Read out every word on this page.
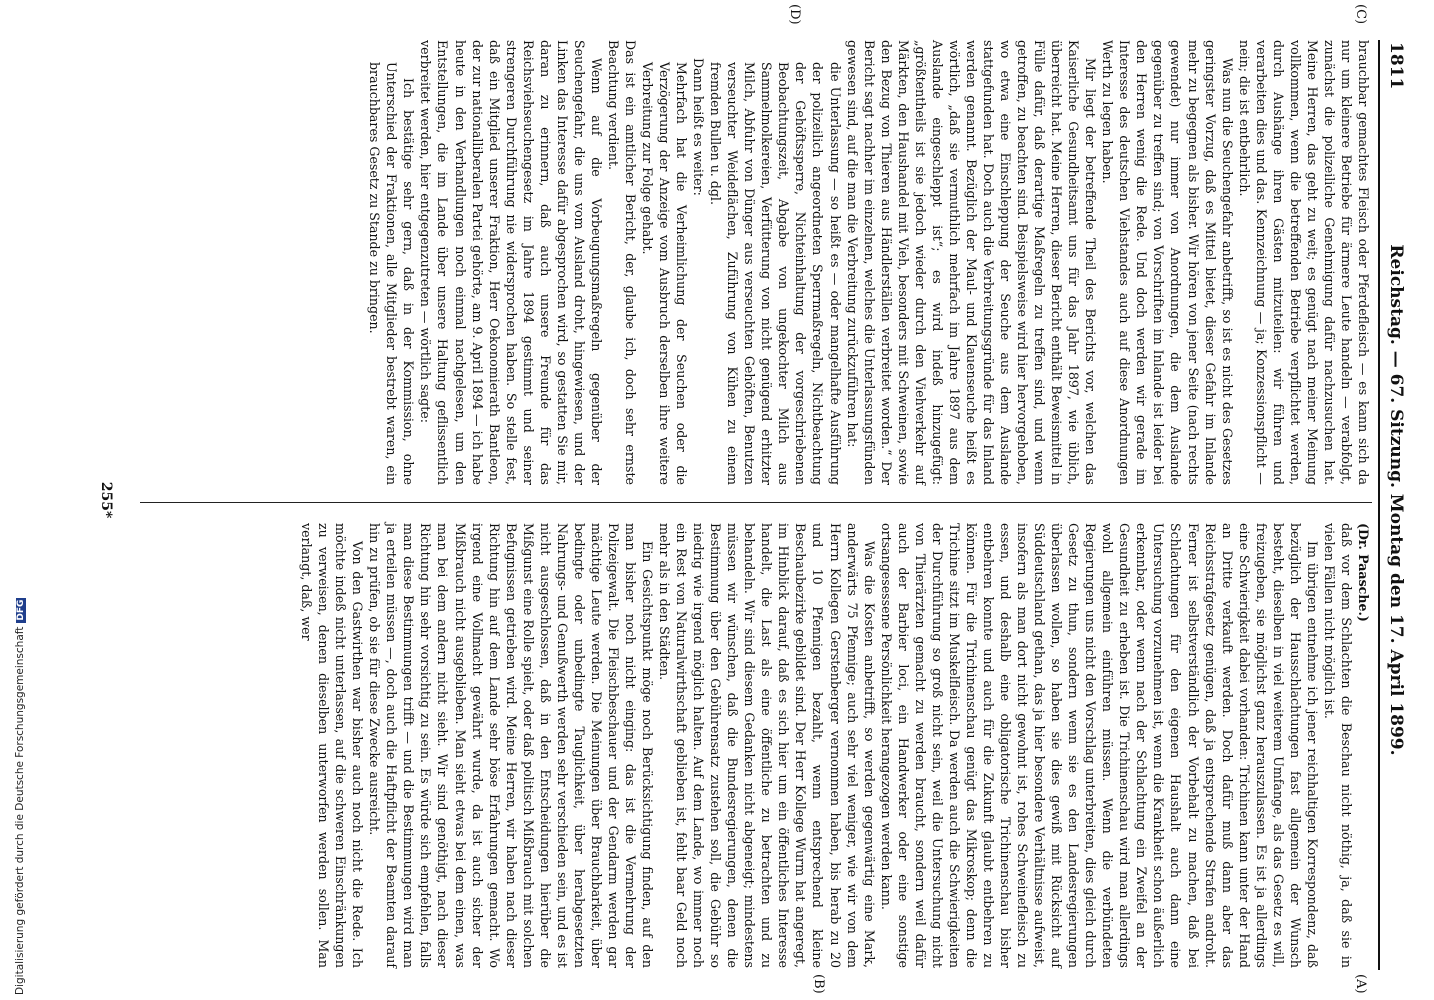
Reichstag. — 67. Sitzung. Montag den 17. April 1899.
1811
(C)
(D)
(A)
(B)

brauchbar gemachtes Fleisch oder Pferdefleisch — es kann sich da nur um kleinere Betriebe für ärmere Leute handeln — verabfolgt, zunächst die polizeiliche Genehmigung dafür nachzusuchen hat. Meine Herren, das geht zu weit; es genügt nach meiner Meinung vollkommen, wenn die betreffenden Betriebe verpflichtet werden, durch Aushänge ihren Gästen mitzuteilen: wir führen und verarbeiten dies und das. Kennzeichnung — ja; Konzessionspflicht — nein; die ist entbehrlich.

Was nun die Seuchengefahr anbetrifft, so ist es nicht des Gesetzes geringster Vorzug, daß es Mittel bietet, dieser Gefahr im Inlande mehr zu begegnen als bisher. Wir hören von jener Seite (nach rechts gewendet) nur immer von Anordnungen, die dem Auslande gegenüber zu treffen sind; von Vorschriften im Inlande ist leider bei den Herren wenig die Rede. Und doch werden wir gerade im Interesse des deutschen Viehstandes auch auf diese Anordnungen Werth zu legen haben.

Mir liegt der betreffende Theil des Berichts vor, welchen das Kaiserliche Gesundheitsamt uns für das Jahr 1897, wie üblich, überreicht hat. Meine Herren, dieser Bericht enthält Beweismittel in Fülle dafür, daß derartige Maßregeln zu treffen sind, und wenn getroffen, zu beachten sind. Beispielsweise wird hier hervorgehoben, wo etwa eine Einschleppung der Seuche aus dem Auslande stattgefunden hat. Doch auch die Verbreitungsgründe für das Inland werden genannt. Bezüglich der Maul- und Klauenseuche heißt es wörtlich, „daß sie vermuthlich mehrfach im Jahre 1897 aus dem Auslande eingeschleppt ist“; es wird indeß hinzugefügt: „größtentheils ist sie jedoch wieder durch den Viehverkehr auf Märkten, den Haushandel mit Vieh, besonders mit Schweinen, sowie den Bezug von Thieren aus Händlerställen verbreitet worden.“ Der Bericht sagt nachher im einzelnen, welches die Unterlassungsfünden gewesen sind, auf die man die Verbreitung zurückzuführen hat:

die Unterlassung — so heißt es — oder mangelhafte Ausführung der polizeilich angeordneten Sperrmaßregeln, Nichtbeachtung der Gehöftssperre, Nichteinhaltung der vorgeschriebenen Beobachtungszeit, Abgabe von ungekochter Milch aus Sammelmolkereien, Verfütterung von nicht genügend erhitzter Milch, Abfuhr von Dünger aus verseuchten Gehöften, Benutzen verseuchter Weideflächen, Zuführung von Kühen zu einem fremden Bullen u. dgl.

Dann heißt es weiter:

Mehrfach hat die Verheimlichung der Seuchen oder die Verzögerung der Anzeige vom Ausbruch derselben ihre weitere Verbreitung zur Folge gehabt.

Das ist ein amtlicher Bericht, der, glaube ich, doch sehr ernste Beachtung verdient.

Wenn auf die Vorbeugungsmaßregeln gegenüber der Seuchengefahr, die uns vom Ausland droht, hingewiesen, und der Linken das Interesse dafür abgesprochen wird, so gestatten Sie mir, daran zu erinnern, daß auch unsere Freunde für das Reichsviehseuchengesetz im Jahre 1894 gestimmt und seiner strengeren Durchführung nie widersprochen haben. So stelle fest, daß ein Mitglied unserer Fraktion, Herr Oekonomierath Bantleon, der zur nationalliberalen Partei gehörte, am 9. April 1894 — ich habe heute in den Verhandlungen noch einmal nachgelesen, um den Entstellungen, die im Lande über unsere Haltung geflissentlich verbreitet werden, hier entgegenzutreten — wörtlich sagte:

Ich bestätige sehr gern, daß in der Kommission, ohne Unterschied der Fraktionen, alle Mitglieder bestrebt waren, ein brauchbares Gesetz zu Stande zu bringen.

(Dr. Paasche.)

daß vor dem Schlachten die Beschau nicht nöthig, ja, daß sie in vielen Fällen nicht möglich ist.

Im übrigen entnehme ich jener reichhaltigen Korrespondenz, daß bezüglich der Hausschlachtungen fast allgemein der Wunsch besteht, dieselben in viel weiterem Umfange, als das Gesetz es will, freizugeben, sie möglichst ganz herauszulassen. Es ist ja allerdings eine Schwierigkeit dabei vorhanden: Trichinen kann unter der Hand an Dritte verkauft werden. Doch dafür muß dann aber das Reichsstrafgesetz genügen, daß ja entsprechende Strafen androht. Ferner ist selbstverständlich der Vorbehalt zu machen, daß bei Schlachtungen für den eigenen Haushalt auch dann eine Untersuchung vorzunehmen ist, wenn die Krankheit schon äußerlich erkennbar, oder wenn nach der Schlachtung ein Zweifel an der Gesundheit zu erheben ist. Die Trichinenschau wird man allerdings wohl allgemein einführen müssen. Wenn die verbündeten Regierungen uns nicht den Vorschlag unterbreiten, dies gleich durch Gesetz zu thun, sondern wenn sie es den Landesregierungen überlassen wollen, so haben sie dies gewiß mit Rücksicht auf Süddeutschland gethan, das ja hier besondere Verhältnisse aufweist, insofern als man dort nicht gewohnt ist, rohes Schweinefleisch zu essen, und deshalb eine obligatorische Trichinenschau bisher entbehren konnte und auch für die Zukunft glaubt entbehren zu können. Für die Trichinenschau genügt das Mikroskop; denn die Trichine sitzt im Muskelfleisch. Da werden auch die Schwierigkeiten der Durchführung so groß nicht sein, weil die Untersuchung nicht von Thierärzten gemacht zu werden braucht, sondern weil dafür auch der Barbier loci, ein Handwerker oder eine sonstige ortsangesessene Persönlichkeit herangezogen werden kann.

Was die Kosten anbetrifft, so werden gegenwärtig eine Mark, anderwärts 75 Pfennige; auch sehr viel weniger, wie wir von dem Herrn Kollegen Gerstenberger vernommen haben, bis herab zu 20 und 10 Pfennigen bezahlt, wenn entsprechend kleine Beschaubezirke gebildet sind. Der Herr Kollege Wurm hat angeregt, im Hinblick darauf, daß es sich hier um ein öffentliches Interesse handelt, die Last als eine öffentliche zu betrachten und zu behandeln. Wir sind diesem Gedanken nicht abgeneigt; mindestens müssen wir wünschen, daß die Bundesregierungen, denen die Bestimmung über den Gebührensatz zustehen soll, die Gebühr so niedrig wie irgend möglich halten. Auf dem Lande, wo immer noch ein Rest von Naturalwirthschaft geblieben ist, fehlt baar Geld noch mehr als in den Städten.

Ein Gesichtspunkt möge noch Berücksichtigung finden, auf den man bisher noch nicht einging: das ist die Vermehrung der Polizeigewalt. Die Fleischbeschauer und der Gendarm werden gar mächtige Leute werden. Die Meinungen über Brauchbarkeit, über bedingte oder unbedingte Tauglichkeit, über herabgesetzten Nahrungs- und Genußwerth werden sehr verschieden sein, und es ist nicht ausgeschlossen, daß in den Entscheidungen hierüber die Mißgunst eine Rolle spielt, oder daß politisch Mißbrauch mit solchen Befugnissen getrieben wird. Meine Herren, wir haben nach dieser Richtung hin auf dem Lande sehr böse Erfahrungen gemacht. Wo irgend eine Vollmacht gewährt wurde, da ist auch sicher der Mißbrauch nicht ausgeblieben. Man sieht etwas bei dem einen, was man bei dem andern nicht sieht. Wir sind genöthigt, nach dieser Richtung hin sehr vorsichtig zu sein. Es würde sich empfehlen, falls man diese Bestimmungen trifft — und die Bestimmungen wird man ja erteilen müssen —, doch auch die Haftpflicht der Beamten darauf hin zu prüfen, ob sie für diese Zwecke ausreicht.

Von den Gastwirthen war bisher auch noch nicht die Rede. Ich möchte indeß nicht unterlassen, auf die schweren Einschränkungen zu verweisen, denen dieselben unterworfen werden sollen. Man verlangt, daß, wer

255*
Digitalisierung gefördert durch die Deutsche ForschungsgemeinschaftDFG
